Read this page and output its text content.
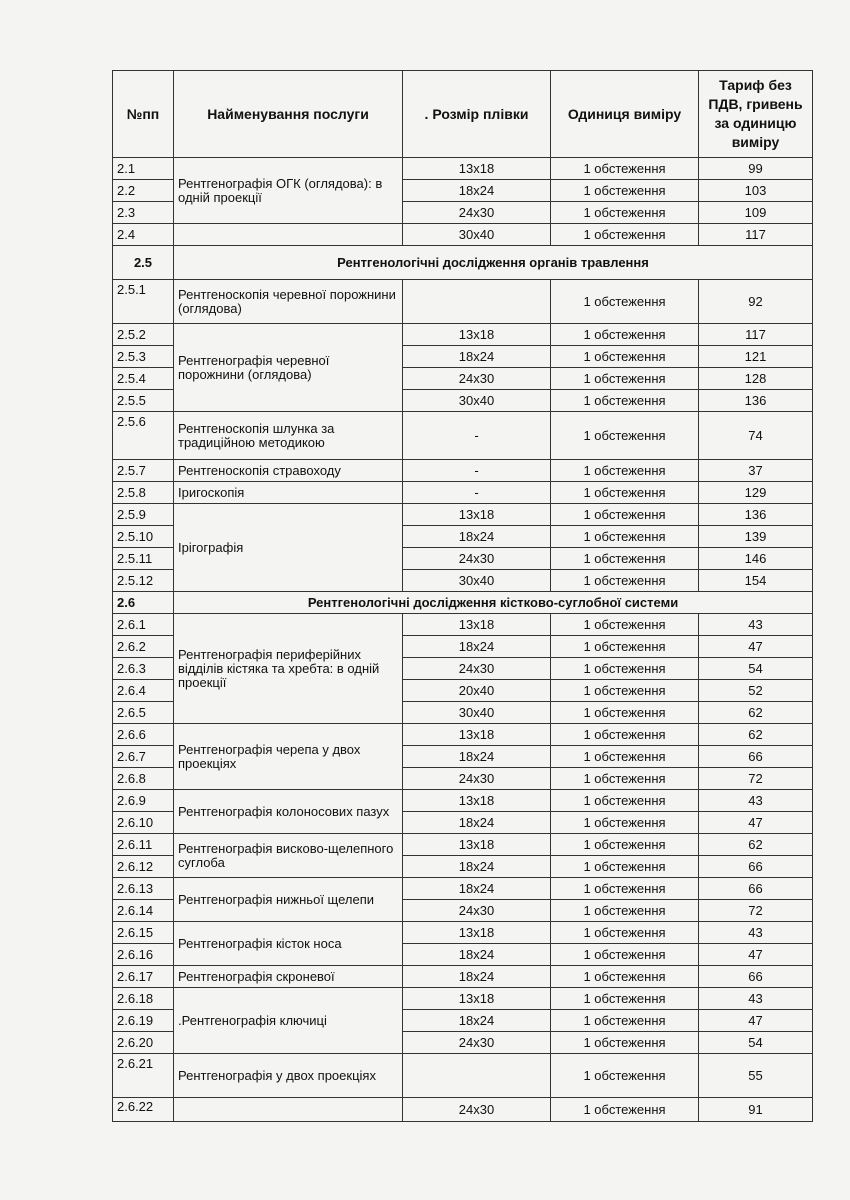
№пп	Найменування послуги	. Розмір плівки	Одиниця виміру	Тариф без ПДВ, гривень за одиницю виміру
2.1	Рентгенографія ОГК (оглядова): в одній проекції	13x18	1 обстеження	99
2.2		18x24	1 обстеження	103
2.3		24x30	1 обстеження	109
2.4		30x40	1 обстеження	117
2.5	Рентгенологічні дослідження органів травлення			
2.5.1	Рентгеноскопія черевної порожнини (оглядова)		1 обстеження	92
2.5.2	Рентгенографія черевної порожнини (оглядова)	13x18	1 обстеження	117
2.5.3		18x24	1 обстеження	121
2.5.4		24x30	1 обстеження	128
2.5.5		30x40	1 обстеження	136
2.5.6	Рентгеноскопія шлунка за традиційною методикою	-	1 обстеження	74
2.5.7	Рентгеноскопія стравоходу	-	1 обстеження	37
2.5.8	Іригоскопія	-	1 обстеження	129
2.5.9	Ірігографія	13x18	1 обстеження	136
2.5.10		18x24	1 обстеження	139
2.5.11		24x30	1 обстеження	146
2.5.12		30x40	1 обстеження	154
2.6	Рентгенологічні дослідження кістково-суглобної системи			
2.6.1	Рентгенографія периферійних відділів кістяка та хребта: в одній проекції	13x18	1 обстеження	43
2.6.2		18x24	1 обстеження	47
2.6.3		24x30	1 обстеження	54
2.6.4		20x40	1 обстеження	52
2.6.5		30x40	1 обстеження	62
2.6.6	Рентгенографія черепа у двох проекціях	13x18	1 обстеження	62
2.6.7		18x24	1 обстеження	66
2.6.8		24x30	1 обстеження	72
2.6.9	Рентгенографія колоносових пазух	13x18	1 обстеження	43
2.6.10		18x24	1 обстеження	47
2.6.11	Рентгенографія висково-щелепного суглоба	13x18	1 обстеження	62
2.6.12		18x24	1 обстеження	66
2.6.13	Рентгенографія нижньої щелепи	18x24	1 обстеження	66
2.6.14		24x30	1 обстеження	72
2.6.15	Рентгенографія кісток носа	13x18	1 обстеження	43
2.6.16		18x24	1 обстеження	47
2.6.17	Рентгенографія скроневої	18x24	1 обстеження	66
2.6.18	.Рентгенографія ключиці	13x18	1 обстеження	43
2.6.19		18x24	1 обстеження	47
2.6.20		24x30	1 обстеження	54
2.6.21	Рентгенографія у двох проекціях		1 обстеження	55
2.6.22		24x30	1 обстеження	91
